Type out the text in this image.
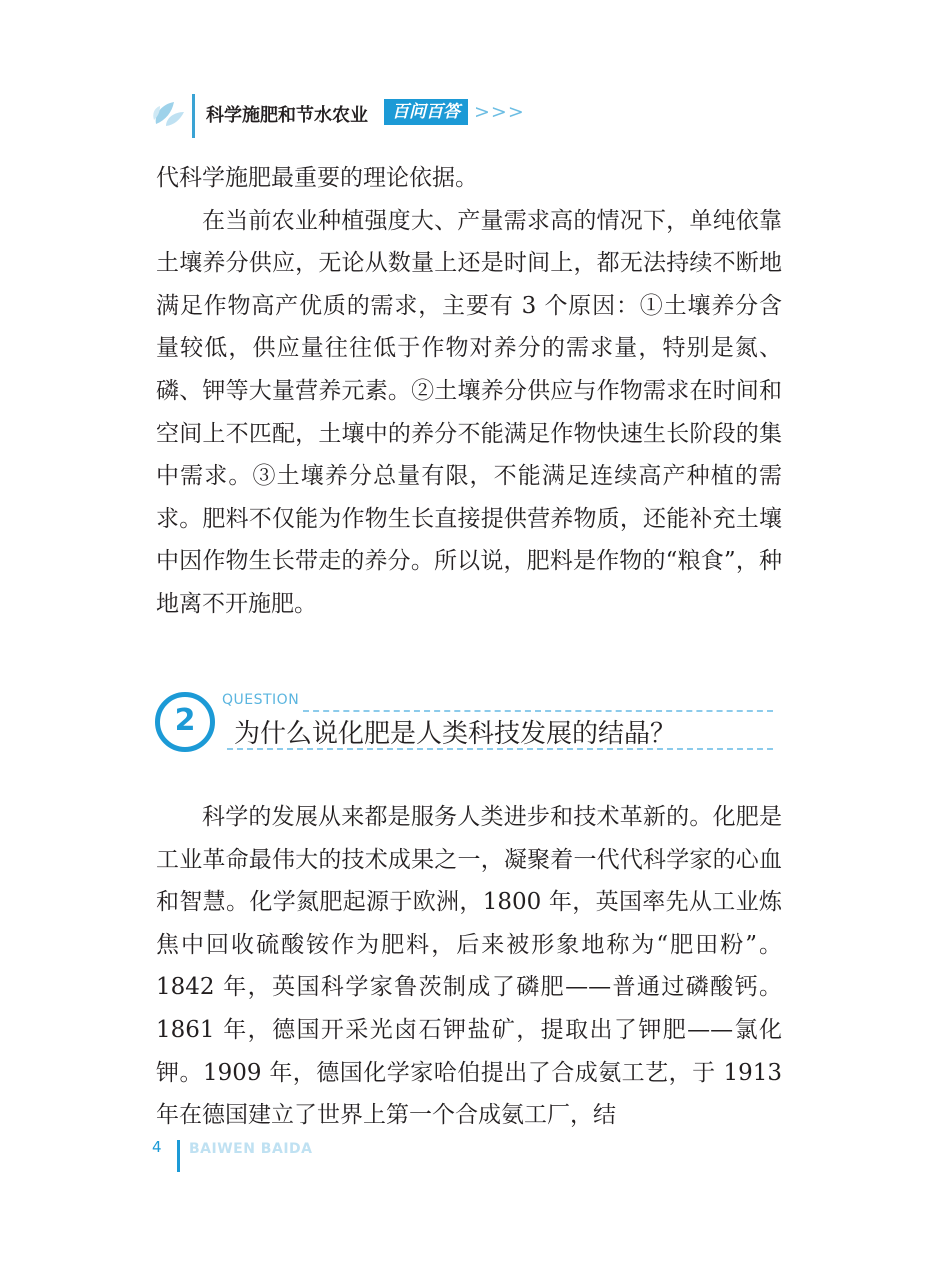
科学施肥和节水农业	百问百答 >>>
代科学施肥最重要的理论依据。
在当前农业种植强度大、产量需求高的情况下，单纯依靠土壤养分供应，无论从数量上还是时间上，都无法持续不断地满足作物高产优质的需求，主要有 3 个原因：①土壤养分含量较低，供应量往往低于作物对养分的需求量，特别是氮、磷、钾等大量营养元素。②土壤养分供应与作物需求在时间和空间上不匹配，土壤中的养分不能满足作物快速生长阶段的集中需求。③土壤养分总量有限，不能满足连续高产种植的需求。肥料不仅能为作物生长直接提供营养物质，还能补充土壤中因作物生长带走的养分。所以说，肥料是作物的“粮食”，种地离不开施肥。
2
QUESTION
为什么说化肥是人类科技发展的结晶？
科学的发展从来都是服务人类进步和技术革新的。化肥是工业革命最伟大的技术成果之一，凝聚着一代代科学家的心血和智慧。化学氮肥起源于欧洲，1800 年，英国率先从工业炼焦中回收硫酸铵作为肥料，后来被形象地称为“肥田粉”。1842 年，英国科学家鲁茨制成了磷肥——普通过磷酸钙。1861 年，德国开采光卤石钾盐矿，提取出了钾肥——氯化钾。1909 年，德国化学家哈伯提出了合成氨工艺，于 1913 年在德国建立了世界上第一个合成氨工厂，结
4 BAIWEN BAIDA
